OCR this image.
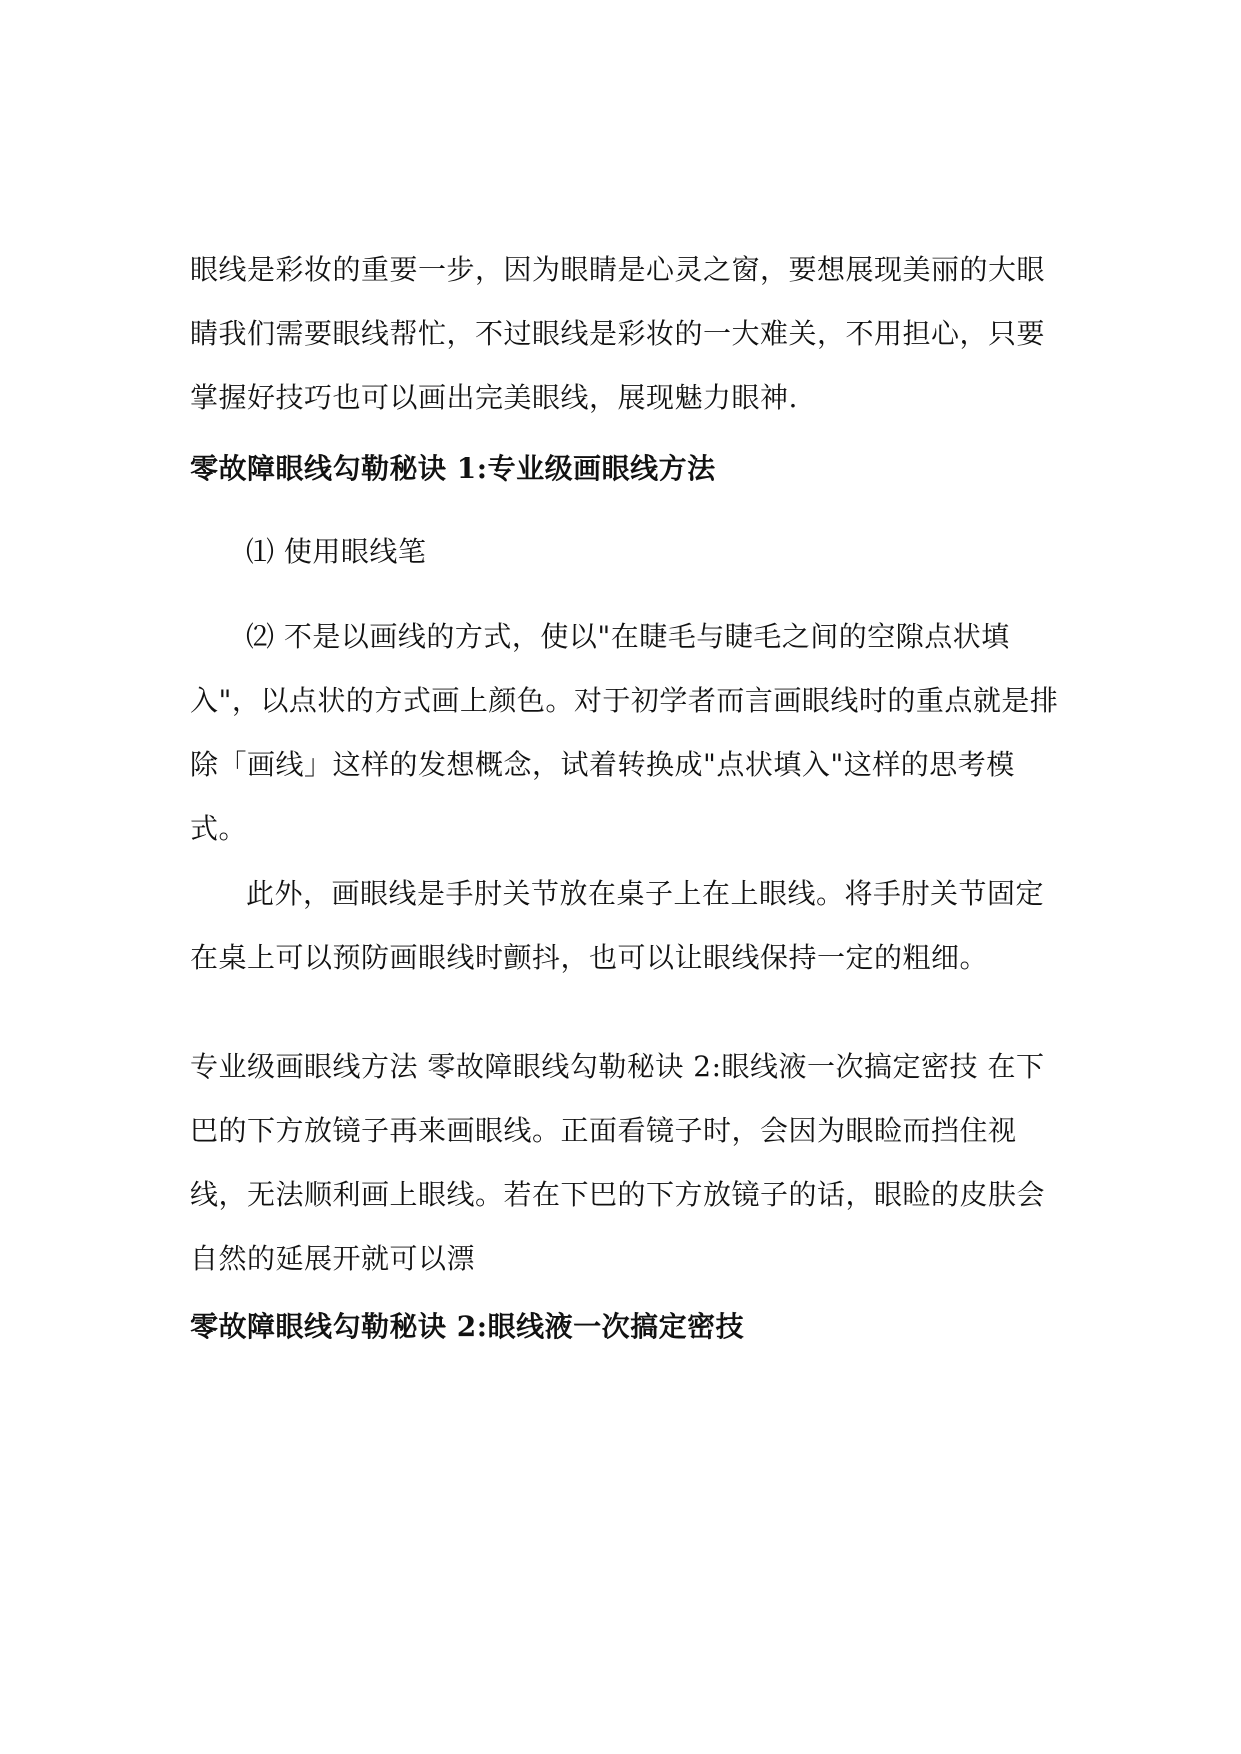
眼线是彩妆的重要一步，因为眼睛是心灵之窗，要想展现美丽的大眼睛我们需要眼线帮忙，不过眼线是彩妆的一大难关，不用担心，只要掌握好技巧也可以画出完美眼线，展现魅力眼神.

零故障眼线勾勒秘诀 1:专业级画眼线方法

⑴ 使用眼线笔

⑵ 不是以画线的方式，使以"在睫毛与睫毛之间的空隙点状填入"，以点状的方式画上颜色。对于初学者而言画眼线时的重点就是排除「画线」这样的发想概念，试着转换成"点状填入"这样的思考模式。

此外，画眼线是手肘关节放在桌子上在上眼线。将手肘关节固定在桌上可以预防画眼线时颤抖，也可以让眼线保持一定的粗细。

专业级画眼线方法 零故障眼线勾勒秘诀 2:眼线液一次搞定密技 在下巴的下方放镜子再来画眼线。正面看镜子时，会因为眼睑而挡住视线，无法顺利画上眼线。若在下巴的下方放镜子的话，眼睑的皮肤会自然的延展开就可以漂

零故障眼线勾勒秘诀 2:眼线液一次搞定密技
